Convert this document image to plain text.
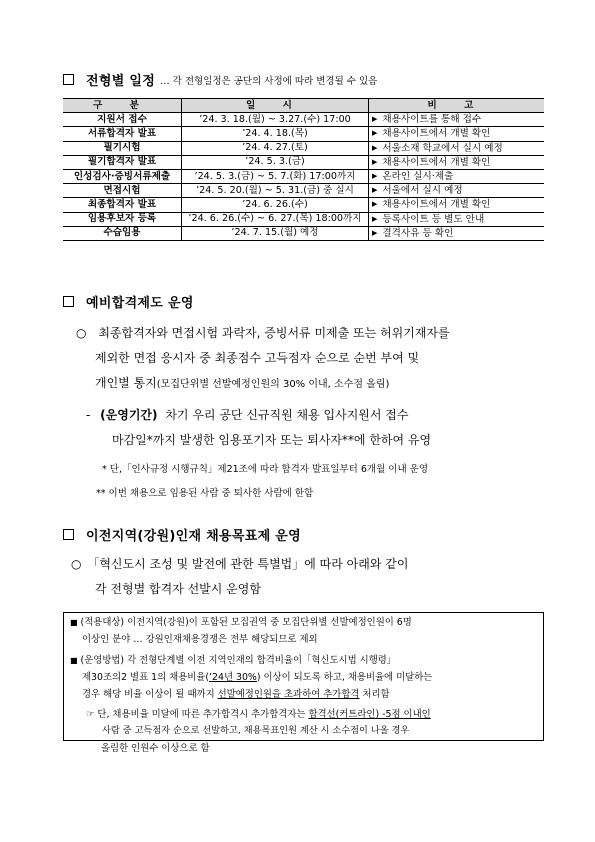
전형별 일정 … 각 전형일정은 공단의 사정에 따라 변경될 수 있음
구 분	일 시	비 고
지원서 접수	’24. 3. 18.(월) ~ 3.27.(수) 17:00	▶ 채용사이트를 통해 접수
서류합격자 발표	’24. 4. 18.(목)	▶ 채용사이트에서 개별 확인
필기시험	’24. 4. 27.(토)	▶ 서울소재 학교에서 실시 예정
필기합격자 발표	’24. 5. 3.(금)	▶ 채용사이트에서 개별 확인
인성검사·증빙서류제출	’24. 5. 3.(금) ~ 5. 7.(화) 17:00까지	▶ 온라인 실시·제출
면접시험	’24. 5. 20.(월) ~ 5. 31.(금) 중 실시	▶ 서울에서 실시 예정
최종합격자 발표	’24. 6. 26.(수)	▶ 채용사이트에서 개별 확인
임용후보자 등록	’24. 6. 26.(수) ~ 6. 27.(목) 18:00까지	▶ 등록사이트 등 별도 안내
수습임용	’24. 7. 15.(월) 예정	▶ 결격사유 등 확인
예비합격제도 운영
○ 최종합격자와 면접시험 과락자, 증빙서류 미제출 또는 허위기재자를
제외한 면접 응시자 중 최종점수 고득점자 순으로 순번 부여 및
개인별 통지(모집단위별 선발예정인원의 30% 이내, 소수점 올림)
- (운영기간) 차기 우리 공단 신규직원 채용 입사지원서 접수
마감일*까지 발생한 임용포기자 또는 퇴사자**에 한하여 유영
* 단,「인사규정 시행규칙」제21조에 따라 합격자 발표일부터 6개월 이내 운영
** 이번 채용으로 임용된 사람 중 퇴사한 사람에 한함
이전지역(강원)인재 채용목표제 운영
○ 「혁신도시 조성 및 발전에 관한 특별법」에 따라 아래와 같이
각 전형별 합격자 선발시 운영함
■ (적용대상) 이전지역(강원)이 포함된 모집권역 중 모집단위별 선발예정인원이 6명
이상인 분야 … 강원인재채용경쟁은 전부 해당되므로 제외
■ (운영방법) 각 전형단계별 이전 지역인재의 합격비율이「혁신도시법 시행령」
제30조의2 별표 1의 채용비율(’24년 30%) 이상이 되도록 하고, 채용비율에 미달하는
경우 해당 비율 이상이 될 때까지 선발예정인원을 초과하여 추가합격 처리함
☞ 단, 채용비율 미달에 따른 추가합격시 추가합격자는 합격선(커트라인) -5점 이내인
사람 중 고득점자 순으로 선발하고, 채용목표인원 계산 시 소수점이 나올 경우
올림한 인원수 이상으로 함
